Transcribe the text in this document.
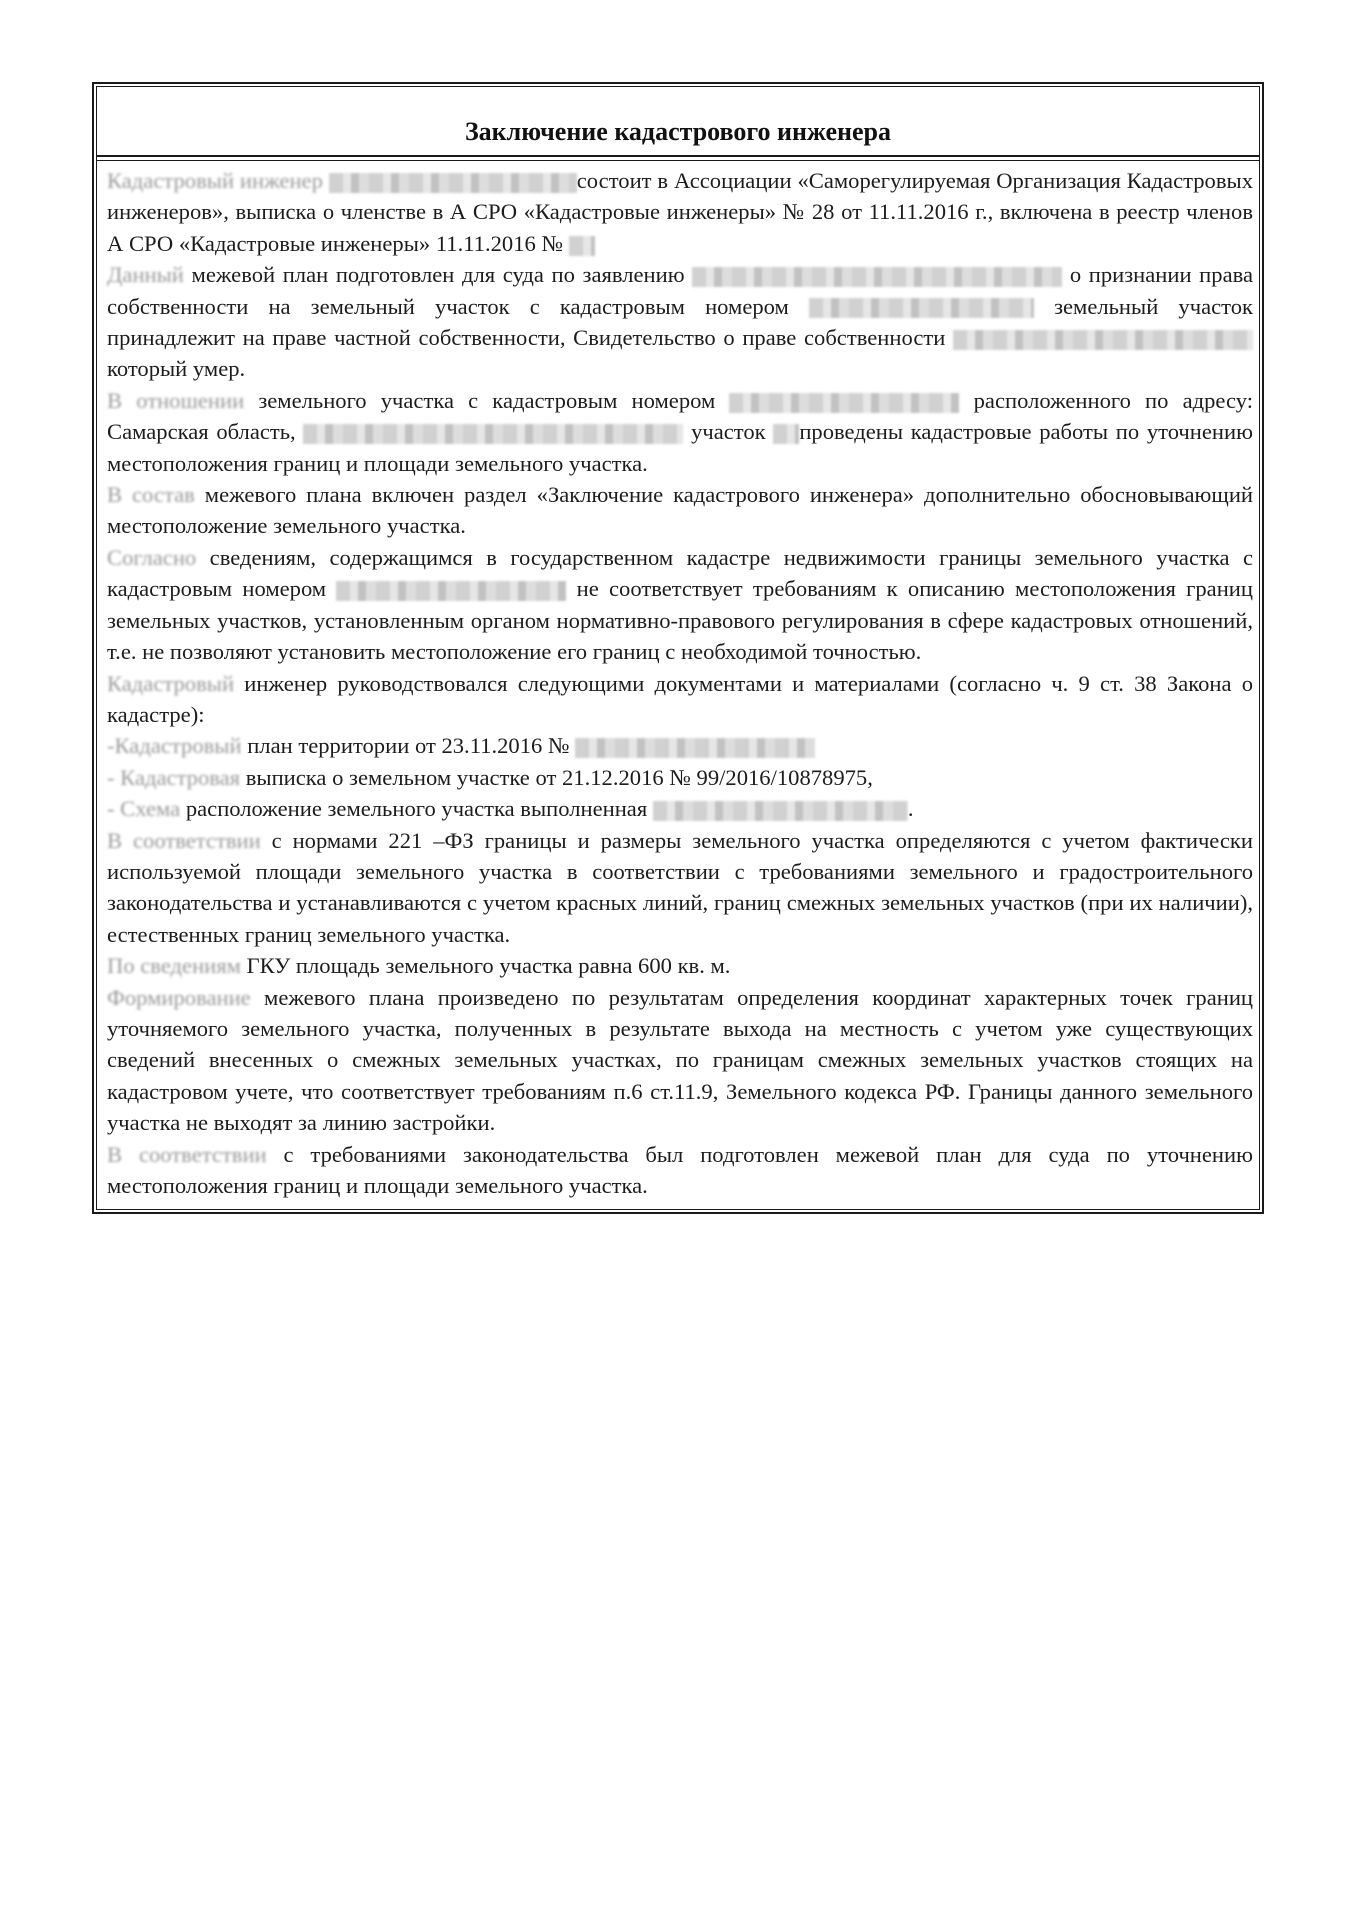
Заключение кадастрового инженера

Кадастровый инженер	состоит в Ассоциации «Саморегулируемая Организация Кадастровых инженеров», выписка о членстве в А СРО «Кадастровые инженеры» № 28 от 11.11.2016 г., включена в реестр членов А СРО «Кадастровые инженеры» 11.11.2016 №

Данный межевой план подготовлен для суда по заявлению	о признании права собственности на земельный участок с кадастровым номером	земельный участок принадлежит на праве частной собственности, Свидетельство о праве собственности  который умер.

В отношении земельного участка с кадастровым номером	расположенного по адресу: Самарская область,	участок проведены кадастровые работы по уточнению местоположения границ и площади земельного участка.

В состав межевого плана включен раздел «Заключение кадастрового инженера» дополнительно обосновывающий местоположение земельного участка.

Согласно сведениям, содержащимся в государственном кадастре недвижимости границы земельного участка с кадастровым номером	не соответствует требованиям к описанию местоположения границ земельных участков, установленным органом нормативно-правового регулирования в сфере кадастровых отношений, т.е. не позволяют установить местоположение его границ с необходимой точностью.

Кадастровый инженер руководствовался следующими документами и материалами (согласно ч. 9 ст. 38 Закона о кадастре):

-Кадастровый план территории от 23.11.2016 №

- Кадастровая выписка о земельном участке от 21.12.2016 № 99/2016/10878975,

- Схема расположение земельного участка выполненная	.

В соответствии с нормами 221 –ФЗ границы и размеры земельного участка определяются с учетом фактически используемой площади земельного участка в соответствии с требованиями земельного и градостроительного законодательства и устанавливаются с учетом красных линий, границ смежных земельных участков (при их наличии), естественных границ земельного участка.

По сведениям ГКУ площадь земельного участка равна 600 кв. м.

Формирование межевого плана произведено по результатам определения координат характерных точек границ уточняемого земельного участка, полученных в результате выхода на местность с учетом уже существующих сведений внесенных о смежных земельных участках, по границам смежных земельных участков стоящих на кадастровом учете, что соответствует требованиям п.6 ст.11.9, Земельного кодекса РФ. Границы данного земельного участка не выходят за линию застройки.

В соответствии с требованиями законодательства был подготовлен межевой план для суда по уточнению местоположения границ и площади земельного участка.
